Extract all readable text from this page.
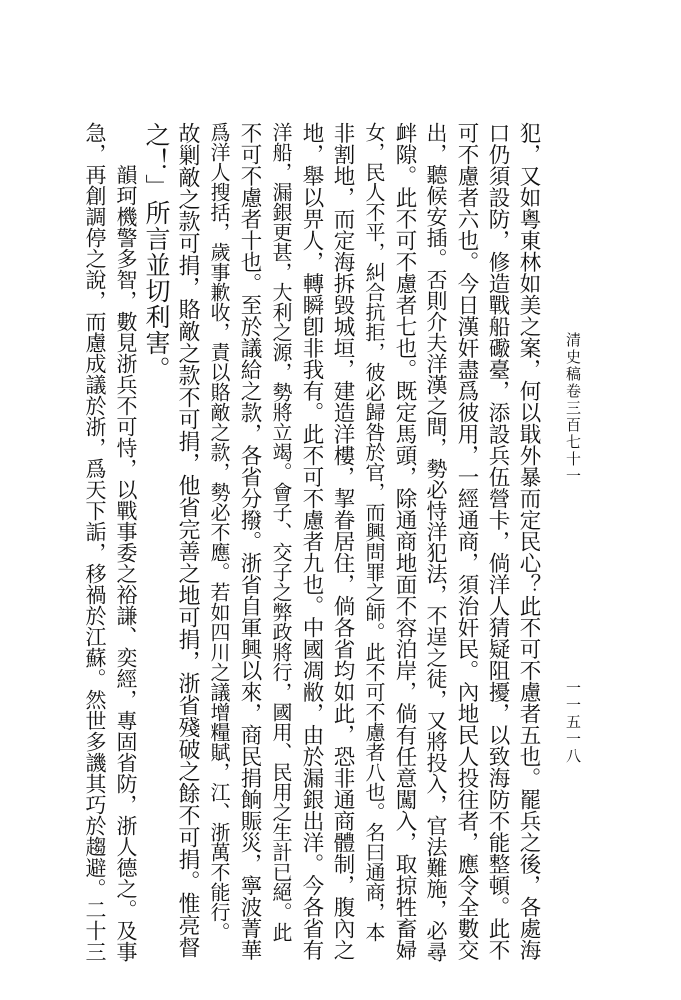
清史稿卷三百七十一
一一五一八
犯，又如粵東林如美之案，何以戢外暴而定民心？此不可不慮者五也。罷兵之後，各處海
口仍須設防，修造戰船礮臺，添設兵伍營卡，倘洋人猜疑阻擾，以致海防不能整頓。此不
可不慮者六也。今日漢奸盡爲彼用，一經通商，須治奸民。內地民人投往者，應令全數交
出，聽候安插。否則介夫洋漢之間，勢必恃洋犯法，不逞之徒，又將投入，官法難施，必尋
衅隙。此不可不慮者七也。既定馬頭，除通商地面不容泊岸，倘有任意闖入，取掠牲畜婦
女，民人不平，糾合抗拒，彼必歸咎於官，而興問罪之師。此不可不慮者八也。名曰通商，本
非割地，而定海拆毀城垣，建造洋樓，挈眷居住，倘各省均如此，恐非通商體制，腹內之
地，舉以畀人，轉瞬卽非我有。此不可不慮者九也。中國凋敝，由於漏銀出洋。今各省有
洋船，漏銀更甚，大利之源，勢將立竭。會子、交子之弊政將行，國用、民用之生計已絕。此
不可不慮者十也。至於議給之款，各省分撥。浙省自軍興以來，商民捐餉賑災，寧波菁華
爲洋人搜括，歲事歉收，責以賂敵之款，勢必不應。若如四川之議增糧賦，江、浙萬不能行。
故剿敵之款可捐，賂敵之款不可捐，他省完善之地可捐，浙省殘破之餘不可捐。惟亮督
之！」所言並切利害。
　　韻珂機警多智，數見浙兵不可恃，以戰事委之裕謙、奕經，專固省防，浙人德之。及事
急，再創調停之說，而慮成議於浙，爲天下詬，移禍於江蘇。然世多譏其巧於趨避。二十三
